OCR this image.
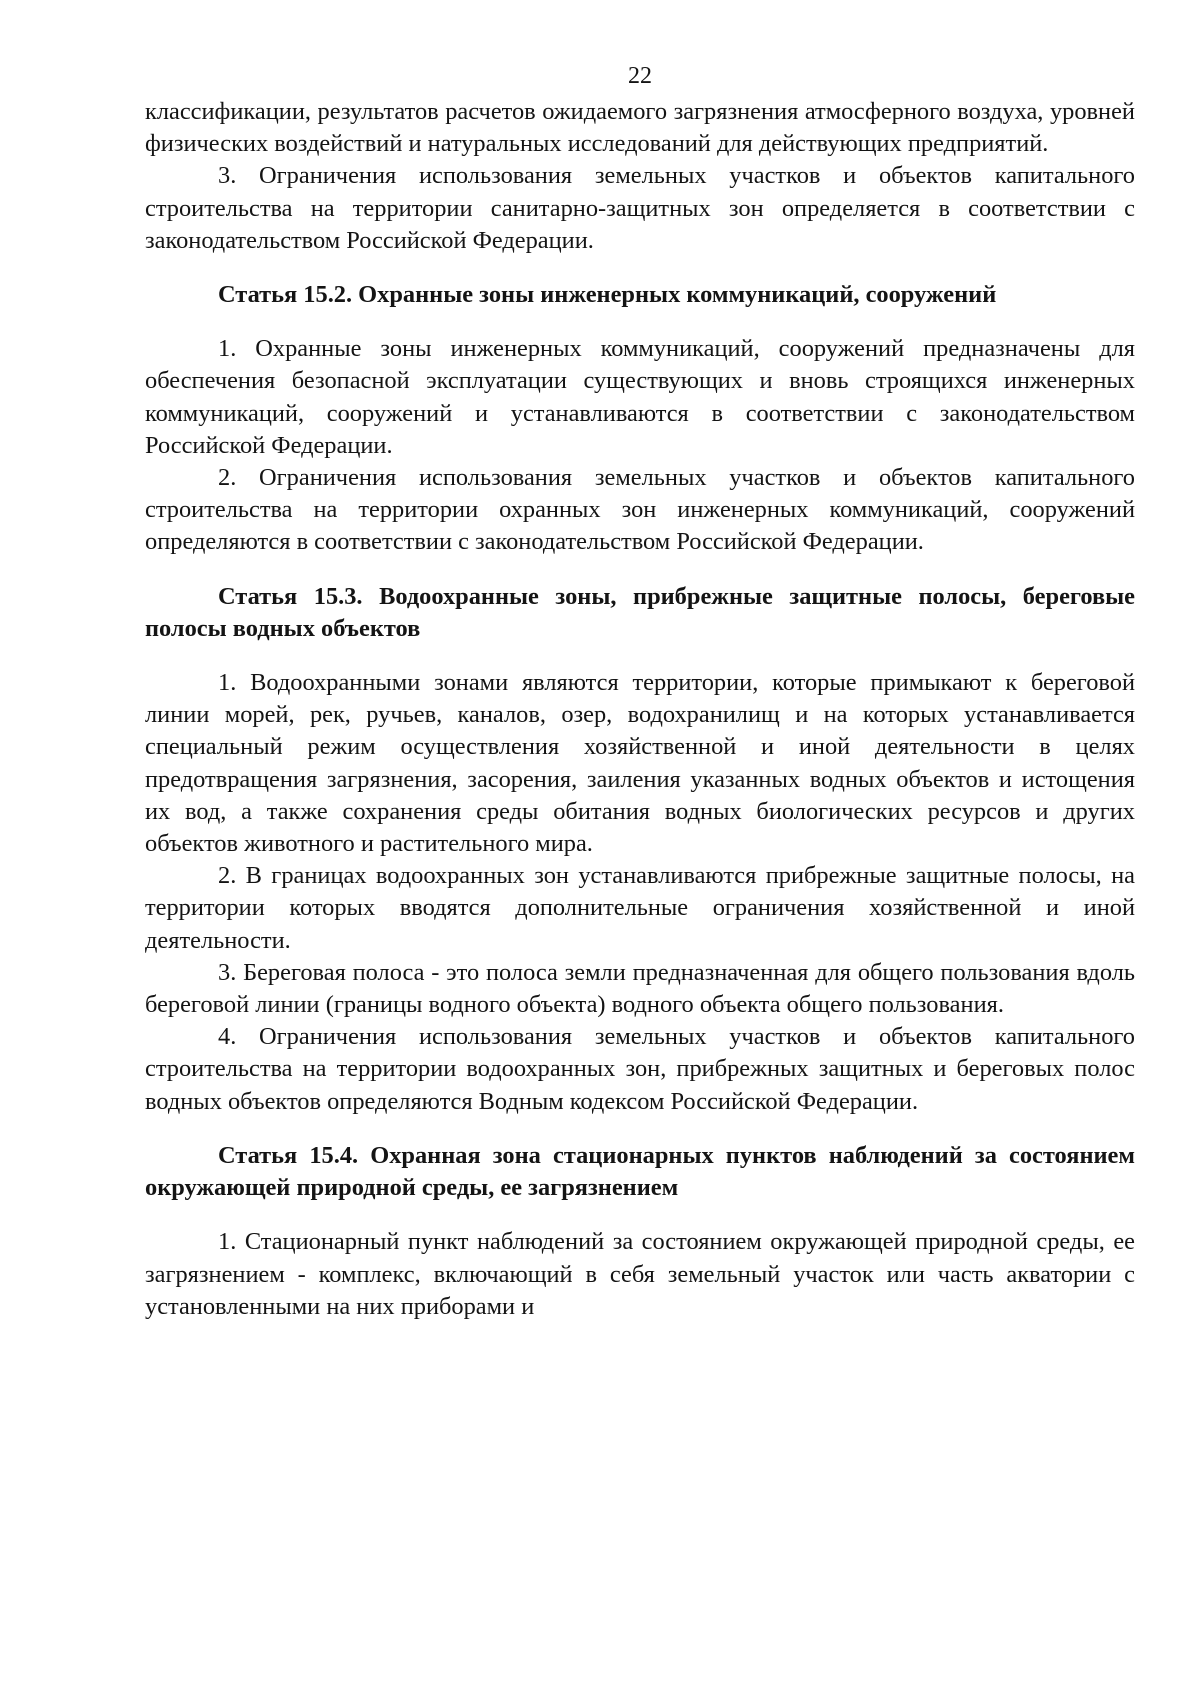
22

классификации, результатов расчетов ожидаемого загрязнения атмосферного воздуха, уровней физических воздействий и натуральных исследований для действующих предприятий.

3. Ограничения использования земельных участков и объектов капитального строительства на территории санитарно-защитных зон определяется в соответствии с законодательством Российской Федерации.

Статья 15.2. Охранные зоны инженерных коммуникаций, сооружений

1. Охранные зоны инженерных коммуникаций, сооружений предназначены для обеспечения безопасной эксплуатации существующих и вновь строящихся инженерных коммуникаций, сооружений и устанавливаются в соответствии с законодательством Российской Федерации.

2. Ограничения использования земельных участков и объектов капитального строительства на территории охранных зон инженерных коммуникаций, сооружений определяются в соответствии с законодательством Российской Федерации.

Статья 15.3. Водоохранные зоны, прибрежные защитные полосы, береговые полосы водных объектов

1. Водоохранными зонами являются территории, которые примыкают к береговой линии морей, рек, ручьев, каналов, озер, водохранилищ и на которых устанавливается специальный режим осуществления хозяйственной и иной деятельности в целях предотвращения загрязнения, засорения, заиления указанных водных объектов и истощения их вод, а также сохранения среды обитания водных биологических ресурсов и других объектов животного и растительного мира.

2. В границах водоохранных зон устанавливаются прибрежные защитные полосы, на территории которых вводятся дополнительные ограничения хозяйственной и иной деятельности.

3. Береговая полоса - это полоса земли предназначенная для общего пользования вдоль береговой линии (границы водного объекта) водного объекта общего пользования.

4. Ограничения использования земельных участков и объектов капитального строительства на территории водоохранных зон, прибрежных защитных и береговых полос водных объектов определяются Водным кодексом Российской Федерации.

Статья 15.4. Охранная зона стационарных пунктов наблюдений за состоянием окружающей природной среды, ее загрязнением

1. Стационарный пункт наблюдений за состоянием окружающей природной среды, ее загрязнением - комплекс, включающий в себя земельный участок или часть акватории с установленными на них приборами и
